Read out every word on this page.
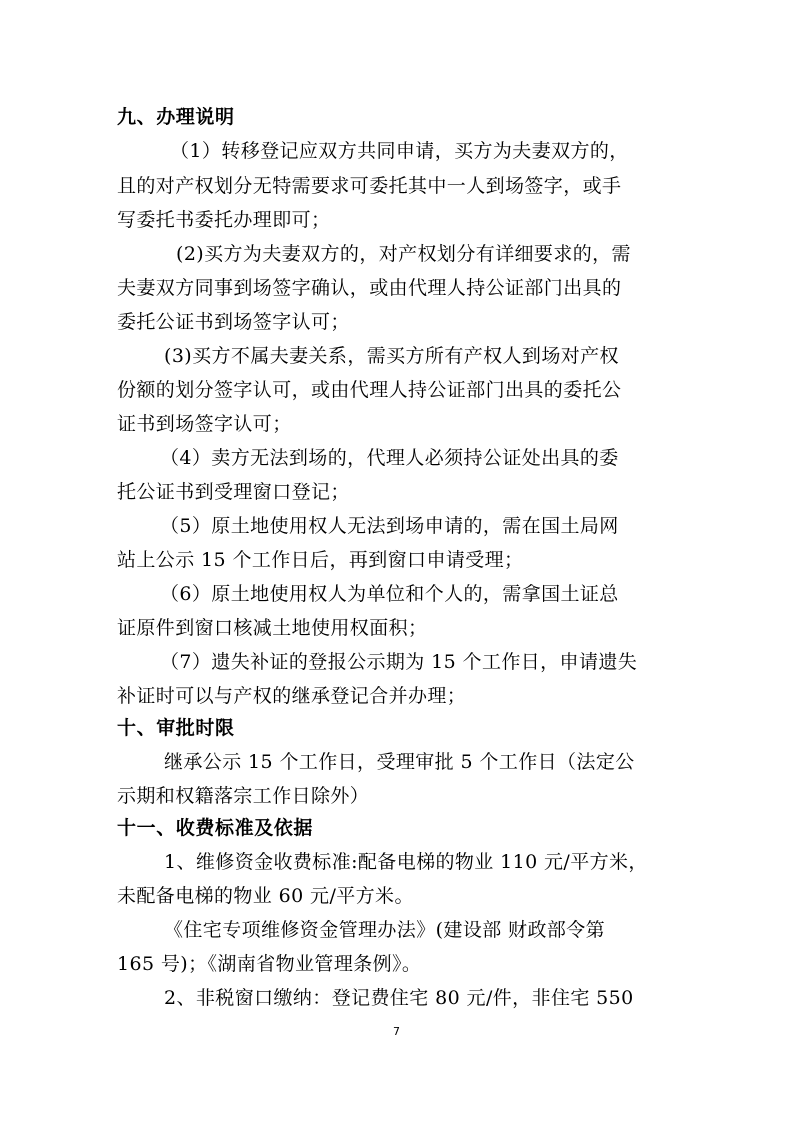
九、办理说明
（1）转移登记应双方共同申请，买方为夫妻双方的，
且的对产权划分无特需要求可委托其中一人到场签字，或手
写委托书委托办理即可；
(2)买方为夫妻双方的，对产权划分有详细要求的，需
夫妻双方同事到场签字确认，或由代理人持公证部门出具的
委托公证书到场签字认可；
(3)买方不属夫妻关系，需买方所有产权人到场对产权
份额的划分签字认可，或由代理人持公证部门出具的委托公
证书到场签字认可；
（4）卖方无法到场的，代理人必须持公证处出具的委
托公证书到受理窗口登记；
（5）原土地使用权人无法到场申请的，需在国土局网
站上公示 15 个工作日后，再到窗口申请受理；
（6）原土地使用权人为单位和个人的，需拿国土证总
证原件到窗口核减土地使用权面积；
（7）遗失补证的登报公示期为 15 个工作日，申请遗失
补证时可以与产权的继承登记合并办理；
十、审批时限
继承公示 15 个工作日，受理审批 5 个工作日（法定公
示期和权籍落宗工作日除外）
十一、收费标准及依据
1、维修资金收费标准:配备电梯的物业 110 元/平方米，
未配备电梯的物业 60 元/平方米。
《住宅专项维修资金管理办法》(建设部 财政部令第
165 号)；《湖南省物业管理条例》。
2、非税窗口缴纳：登记费住宅 80 元/件，非住宅 550
7
